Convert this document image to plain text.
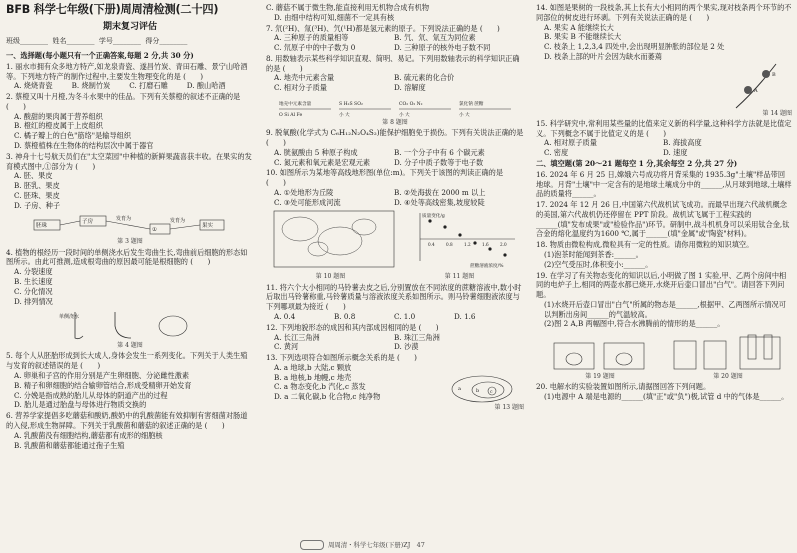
BFB 科学七年级(下册)周周清检测(二十四)
期末复习评估
班级________  姓名________  学号________  得分________
一、选择题(每小题只有一个正确答案,每题 2 分,共 30 分)

1. 丽水市拥有众多地方特产,如龙泉青瓷、遂昌竹炭、青田石雕、景宁山哈酒等。下列地方特产的制作过程中,主要发生物理变化的是 (　　)

A. 烧烧青瓷	B. 烧制竹炭	C. 打磨石雕	D. 酿山哈酒

2. 蔡橙又叫十月橙,为冬斗水果中的佳品。下列有关蔡橙的叙述不正确的是 (　　)

A. 酸甜的果肉属于营养组织
B. 橙红的橙皮属于上皮组织
C. 橘子瓣上的白色"筋络"是输导组织
D. 蔡橙植株在生物体的结构层次中属于器官

3. 神舟十七号航天员们在"太空菜园"中种植的新鲜果蔬喜获丰收。在果实的发育模式图中,①部分为 (　　)

A. 胚、果皮
B. 胚乳、果皮
C. 胚珠、果皮
D. 子房、种子
胚珠
子房
①
果实
发育为	发育为
第 3 题图

4. 植物的根经历一段时间的单侧浇水后发生弯曲生长,弯曲前后细胞的形态如图所示。由此可推测,造成根弯曲的原因最可能是根细胞的 (　　)

A. 分裂速度
B. 生长速度
C. 分化情况
D. 排列情况
单侧浇水
第 4 题图

5. 每个人从胚胎形成到长大成人,身体会发生一系列变化。下列关于人类生殖与发育的叙述错误的是 (　　)

A. 卵巢和子宫的作用分别是产生卵细胞、分泌雌性激素
B. 精子和卵细胞的结合输卵管结合,形成受精卵开始发育
C. 分娩是指成熟的胎儿从母体的阴道产出的过程
D. 胎儿是通过胎盘与母体进行物质交换的

6. 营养学家提倡多吃蘑菇和酸奶,酸奶中的乳酸菌能有效抑制有害细菌对肠道的入侵,形成生物屏障。下列关于乳酸菌和蘑菇的叙述正确的是 (　　)

A. 乳酸菌没有细胞结构,蘑菇都有成形的细胞核
B. 乳酸菌和蘑菇都能通过孢子生殖

C. 蘑菇不属于微生物,能直接利用无机物合成有机物

D. 由细中结构可知,细菌不一定具有核

7. 氘(²H)、氚(³H)、氕(¹H)都是氢元素的原子。下列说法正确的是 (　　)

A. 三种原子的质量相等	B. 氕、氘、氚互为同位素C. 氘原子中的中子数为 0	D. 三种原子的核外电子数不同

8. 用数轴表示某些科学知识直观、简明、易记。下列用数轴表示的科学知识正确的是 (　　)

A. 地壳中元素含量	B. 硫元素的化合价C. 相对分子质量	D. 溶解度
地壳中元素含量
O Si Al Fe
S H₂S SO₂
小 大
CO₂ O₂ N₂
小 大
氯化钠 蔗糖
小 大
第 8 题图

9. 脱氧酸(化学式为 C₆H₁₂N₂O₄S₂)能保护细胞免于损伤。下列有关说法正确的是 (　　)

A. 胱氨酸由 5 种原子构成	B. 一个分子中有 6 个碳元素C. 氮元素和氧元素是宏观元素	D. 分子中质子数等于电子数

10. 如图所示为某地等高线地形图(单位:m)。下列关于该图的判读正确的是 (　　)

A. ①处地形为丘陵	B. ②处海拔在 2000 m 以上C. ③处可能形成河流	D. ④处等高线密集,坡度较陡
质量变化/g
蔗糖溶液浓度/%
0.4	0.8	1.2	1.6	2.0
第 10 题图	第 11 题图

11. 将六个大小相同的马铃薯去皮之后,分别置放在不同浓度的蔗糖溶液中,数小时后取出马铃薯称重,马铃薯质量与溶液浓度关系如图所示。则马铃薯细胞液浓度与下列哪项最为接近 (　　)

A. 0.4	B. 0.8	C. 1.0	D. 1.6

12. 下列地貌形态的成因和其内部成因相同的是 (　　)

A. 长江三角洲	B. 珠江三角洲C. 黄河	D. 沙漠

13. 下列选项符合如图所示概念关系的是 (　　)

A. a 地球,b 大陆,c 颗放
B. a 地核,b 地幔,c 地壳
C. a 物态变化,b 汽化,c 蒸发
D. a 二氧化碳,b 化合物,c 纯净物
a	b c
第 13 题图

14. 如图是果树的一段枝条,其上长有大小相同的两个果实,现对枝条两个环节的不同部位的树皮进行环剥。下列有关说法正确的是 (　　)

A. 果实 A 能继续长大
B. 果实 B 不能继续长大
C. 枝条上 1,2,3,4 四处中,会出现明显肿胀的部位是 2 处
D. 枝条上部的叶片会因为缺水而萎蔫
A
B
第 14 题图

15. 科学研究中,常利用某些量的比值来定义新的科学量,这种科学方法就是比值定义。下列概念不属于比值定义的是 (　　)

A. 相对原子质量	B. 海拔高度C. 密度	D. 速度
二、填空题(第 20～21 题每空 1 分,其余每空 2 分,共 27 分)

16. 2024 年 6 月 25 日,嫦娥六号成功将月背采集的 1935.3g"土壤"样品带回地球。月背"土壤"中一定含有的是地球土壤成分中的______,从月球到地球,土壤样品的质量将______。

17. 2024 年 12 月 26 日,中国第六代战机试飞成功。而最早出现六代战机概念的美国,第六代战机仍还停留在 PPT 阶段。战机试飞属于工程实践的______(填"发布成果"或"检验作品")环节。研制中,战斗机机身可以采用钛合金,钛合金的熔化温度约为1600 ℃,属于______(填"金属"或"陶瓷"材料)。

18. 物质由微粒构成,微粒具有一定的性质。请你用微粒的知识填空。

(1)泡茶时能闻到茶香:______。
(2)空气受压时,体积变小:______。

19. 在学习了有关物态变化的知识以后,小明做了图 1 实验,甲、乙两个房间中相同的电炉子上,相同的两壶水都已烧开,水烧开后壶口冒出"白气"。请回答下列问题。

(1)水烧开后壶口冒出"白气"所属的物态是______,根据甲、乙两图所示情况可以判断出房间______的气温较高。
(2)图 2 A,B 两幅图中,符合水沸腾前的情形的是______。
第 19 题图	第 20 题图

20. 电解水的实验装置如图所示,请据图回答下列问题。

(1)电源中 A 端是电源的______(填"正"或"负")极,试管 d 中的气体是______。
周周清・科学七年级(下册)ZJ　47
